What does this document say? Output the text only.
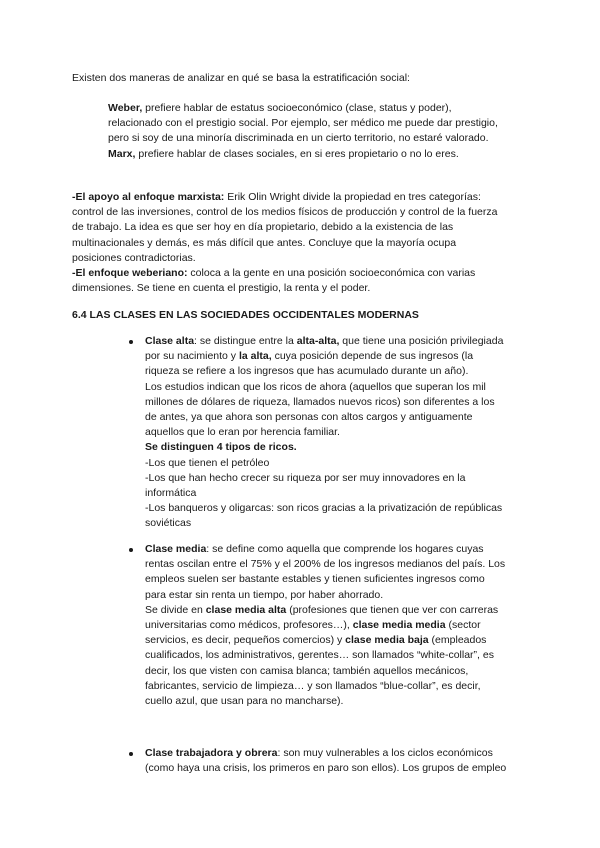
Existen dos maneras de analizar en qué se basa la estratificación social:

Weber, prefiere hablar de estatus socioeconómico (clase, status y poder),
relacionado con el prestigio social. Por ejemplo, ser médico me puede dar prestigio,
pero si soy de una minoría discriminada en un cierto territorio, no estaré valorado.
Marx, prefiere hablar de clases sociales, en si eres propietario o no lo eres.

-El apoyo al enfoque marxista: Erik Olin Wright divide la propiedad en tres categorías:
control de las inversiones, control de los medios físicos de producción y control de la fuerza
de trabajo. La idea es que ser hoy en día propietario, debido a la existencia de las
multinacionales y demás, es más difícil que antes. Concluye que la mayoría ocupa
posiciones contradictorias.
-El enfoque weberiano: coloca a la gente en una posición socioeconómica con varias
dimensiones. Se tiene en cuenta el prestigio, la renta y el poder.

6.4 LAS CLASES EN LAS SOCIEDADES OCCIDENTALES MODERNAS

Clase alta: se distingue entre la alta-alta, que tiene una posición privilegiada
por su nacimiento y la alta, cuya posición depende de sus ingresos (la
riqueza se refiere a los ingresos que has acumulado durante un año).
Los estudios indican que los ricos de ahora (aquellos que superan los mil
millones de dólares de riqueza, llamados nuevos ricos) son diferentes a los
de antes, ya que ahora son personas con altos cargos y antiguamente
aquellos que lo eran por herencia familiar.
Se distinguen 4 tipos de ricos.
-Los que tienen el petróleo
-Los que han hecho crecer su riqueza por ser muy innovadores en la
informática
-Los banqueros y oligarcas: son ricos gracias a la privatización de repúblicas
soviéticas

Clase media: se define como aquella que comprende los hogares cuyas
rentas oscilan entre el 75% y el 200% de los ingresos medianos del país. Los
empleos suelen ser bastante estables y tienen suficientes ingresos como
para estar sin renta un tiempo, por haber ahorrado.
Se divide en clase media alta (profesiones que tienen que ver con carreras
universitarias como médicos, profesores…), clase media media (sector
servicios, es decir, pequeños comercios) y clase media baja (empleados
cualificados, los administrativos, gerentes… son llamados “white-collar”, es
decir, los que visten con camisa blanca; también aquellos mecánicos,
fabricantes, servicio de limpieza… y son llamados “blue-collar”, es decir,
cuello azul, que usan para no mancharse).

Clase trabajadora y obrera: son muy vulnerables a los ciclos económicos
(como haya una crisis, los primeros en paro son ellos). Los grupos de empleo
